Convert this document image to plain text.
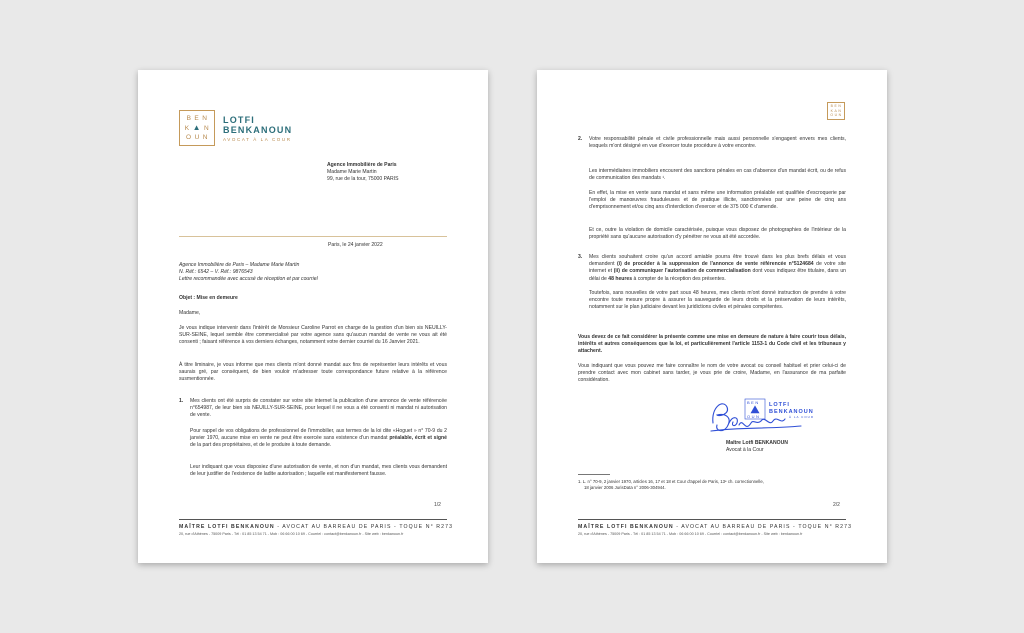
BEN
K▲N
OUN
LOTFI
BENKANOUN
AVOCAT À LA COUR
Agence Immobilière de Paris
Madame Marie Martin
99, rue de la tour, 75000 PARIS
Paris, le 24 janvier 2022
Agence Immobilière de Paris – Madame Marie Martin
N. Réf.: 6542 – V. Réf.: 9876543
Lettre recommandée avec accusé de réception et par courriel
Objet : Mise en demeure
Madame,
Je vous indique intervenir dans l'intérêt de Monsieur Caroline Parrot en charge de la gestion d'un bien sis NEUILLY-SUR-SEINE, lequel semble être commercialisé par votre agence sans qu'aucun mandat de vente ne vous ait été consenti ; faisant référence à vos derniers échanges, notamment votre dernier courriel du 16 Janvier 2021.
À titre liminaire, je vous informe que mes clients m'ont donné mandat aux fins de représenter leurs intérêts et vous saurais gré, par conséquent, de bien vouloir m'adresser toute correspondance future relative à la référence susmentionnée.
1. Mes clients ont été surpris de constater sur votre site internet la publication d'une annonce de vente référencée n°654987, de leur bien sis NEUILLY-SUR-SEINE, pour lequel il ne vous a été consenti ni mandat ni autorisation de vente.
Pour rappel de vos obligations de professionnel de l'immobilier, aux termes de la loi dite «Hoguet » n° 70-9 du 2 janvier 1970, aucune mise en vente ne peut être exercée sans existence d'un mandat préalable, écrit et signé de la part des propriétaires, et de le produire à toute demande.
Leur indiquant que vous disposiez d'une autorisation de vente, et non d'un mandat, mes clients vous demandent de leur justifier de l'existence de ladite autorisation ; laquelle est manifestement fausse.
1/2
MAÎTRE LOTFI BENKANOUN - AVOCAT AU BARREAU DE PARIS - TOQUE N° R273
20, rue d'Athènes - 75009 Paris - Tél : 01 85 13 54 71 - Mob : 06 66 00 10 69 - Courriel : contact@benkanoun.fr - Site web : benkanoun.fr
BEN
KΔN
OUN
2. Votre responsabilité pénale et civile professionnelle mais aussi personnelle s'engagent envers mes clients, lesquels m'ont désigné en vue d'exercer toute procédure à votre encontre.
Les intermédiaires immobiliers encourent des sanctions pénales en cas d'absence d'un mandat écrit, ou de refus de communication des mandats ¹.
En effet, la mise en vente sans mandat et sans même une information préalable est qualifiée d'escroquerie par l'emploi de manœuvres frauduleuses et de pratique illicite, sanctionnées par une peine de cinq ans d'emprisonnement et/ou cinq ans d'interdiction d'exercer et de 375 000 € d'amende.
Et ce, outre la violation de domicile caractérisée, puisque vous disposez de photographies de l'intérieur de la propriété sans qu'aucune autorisation d'y pénétrer ne vous ait été accordée.
3. Mes clients souhaitent croire qu'un accord amiable pourra être trouvé dans les plus brefs délais et vous demandent (i) de procéder à la suppression de l'annonce de vente référencée n°5124684 de votre site internet et (ii) de communiquer l'autorisation de commercialisation dont vous indiquez être titulaire, dans un délai de 48 heures à compter de la réception des présentes.
Toutefois, sans nouvelles de votre part sous 48 heures, mes clients m'ont donné instruction de prendre à votre encontre toute mesure propre à assurer la sauvegarde de leurs droits et la préservation de leurs intérêts, notamment sur le plan judiciaire devant les juridictions civiles et pénales compétentes.
Vous devez de ce fait considérer la présente comme une mise en demeure de nature à faire courir tous délais, intérêts et autres conséquences que la loi, et particulièrement l'article 1153-1 du Code civil et les tribunaux y attachent.
Vous indiquant que vous pouvez me faire connaître le nom de votre avocat ou conseil habituel et prier celui-ci de prendre contact avec mon cabinet sans tarder, je vous prie de croire, Madame, en l'assurance de ma parfaite considération.
BEN
OUN
LOTFI
BENKANOUN
À LA COUR
Maître Lotfi BENKANOUN
Avocat à la Cour
1. L. n° 70-9, 2 janvier 1970, articles 16, 17 et 18 et Cour d'appel de Paris, 13ᵉ ch. correctionnelle,
18 janvier 2006 JurisData n° 2006-304944.
2/2
MAÎTRE LOTFI BENKANOUN - AVOCAT AU BARREAU DE PARIS - TOQUE N° R273
20, rue d'Athènes - 75009 Paris - Tél : 01 85 13 54 71 - Mob : 06 66 00 10 69 - Courriel : contact@benkanoun.fr - Site web : benkanoun.fr
